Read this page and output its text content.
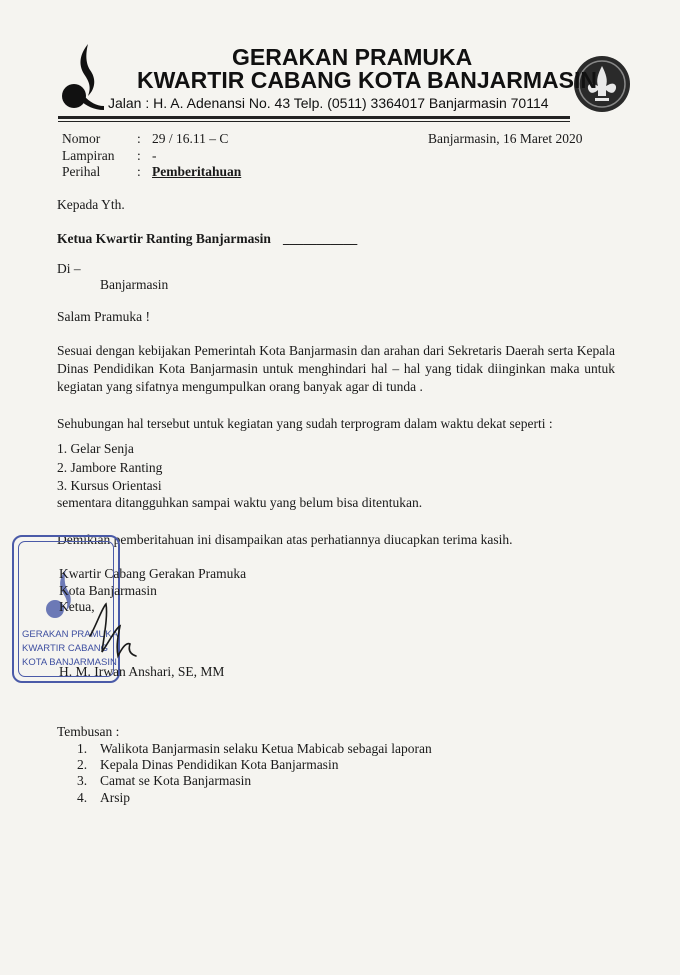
GERAKAN PRAMUKA
KWARTIR CABANG KOTA BANJARMASIN
Jalan : H. A. Adenansi No. 43 Telp. (0511) 3364017 Banjarmasin 70114
Nomor	: 29 / 16.11 – C	Banjarmasin, 16 Maret 2020
Lampiran : -
Perihal	: Pemberitahuan
Kepada Yth.
Ketua Kwartir Ranting Banjarmasin ___________
Di –
Banjarmasin
Salam Pramuka !
Sesuai dengan kebijakan Pemerintah Kota Banjarmasin dan arahan dari Sekretaris Daerah serta Kepala Dinas Pendidikan Kota Banjarmasin untuk menghindari hal – hal yang tidak diinginkan maka untuk kegiatan yang sifatnya mengumpulkan orang banyak agar di tunda .
Sehubungan hal tersebut untuk kegiatan yang sudah terprogram dalam waktu dekat seperti :
1. Gelar Senja
2. Jambore Ranting
3. Kursus Orientasi
sementara ditangguhkan sampai waktu yang belum bisa ditentukan.
Demikian pemberitahuan ini disampaikan atas perhatiannya diucapkan terima kasih.
GERAKAN PRAMUKA
KWARTIR CABANG
KOTA BANJARMASIN
Kwartir Cabang Gerakan Pramuka
Kota Banjarmasin
Ketua,
H. M. Irwan Anshari, SE, MM
Tembusan :
1. Walikota Banjarmasin selaku Ketua Mabicab sebagai laporan
2. Kepala Dinas Pendidikan Kota Banjarmasin
3. Camat se Kota Banjarmasin
4. Arsip
